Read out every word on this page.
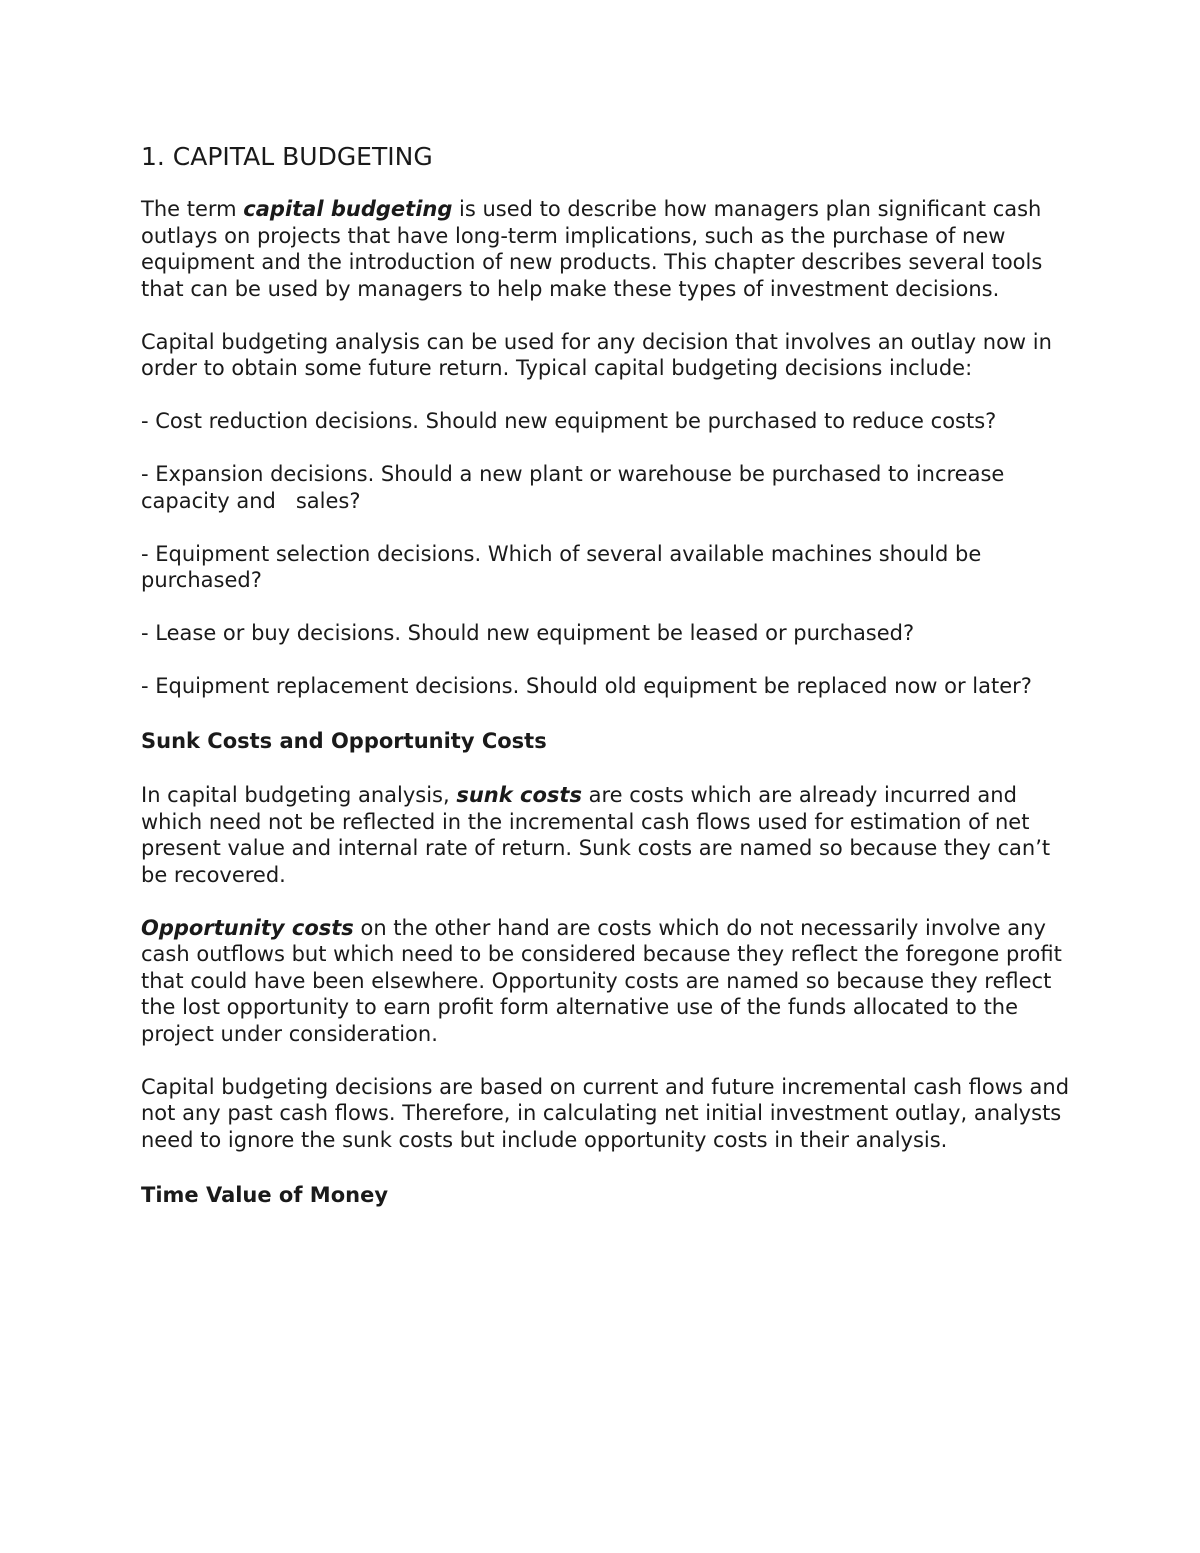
1. CAPITAL BUDGETING

The term capital budgeting is used to describe how managers plan significant cash outlays on projects that have long-term implications, such as the purchase of new equipment and the introduction of new products. This chapter describes several tools that can be used by managers to help make these types of investment decisions.

Capital budgeting analysis can be used for any decision that involves an outlay now in order to obtain some future return. Typical capital budgeting decisions include:

- Cost reduction decisions. Should new equipment be purchased to reduce costs?

- Expansion decisions. Should a new plant or warehouse be purchased to increase capacity and sales?

- Equipment selection decisions. Which of several available machines should be purchased?

- Lease or buy decisions. Should new equipment be leased or purchased?

- Equipment replacement decisions. Should old equipment be replaced now or later?

Sunk Costs and Opportunity Costs

In capital budgeting analysis, sunk costs are costs which are already incurred and which need not be reflected in the incremental cash flows used for estimation of net present value and internal rate of return. Sunk costs are named so because they can’t be recovered.

Opportunity costs on the other hand are costs which do not necessarily involve any cash outflows but which need to be considered because they reflect the foregone profit that could have been elsewhere. Opportunity costs are named so because they reflect the lost opportunity to earn profit form alternative use of the funds allocated to the project under consideration.

Capital budgeting decisions are based on current and future incremental cash flows and not any past cash flows. Therefore, in calculating net initial investment outlay, analysts need to ignore the sunk costs but include opportunity costs in their analysis.

Time Value of Money
